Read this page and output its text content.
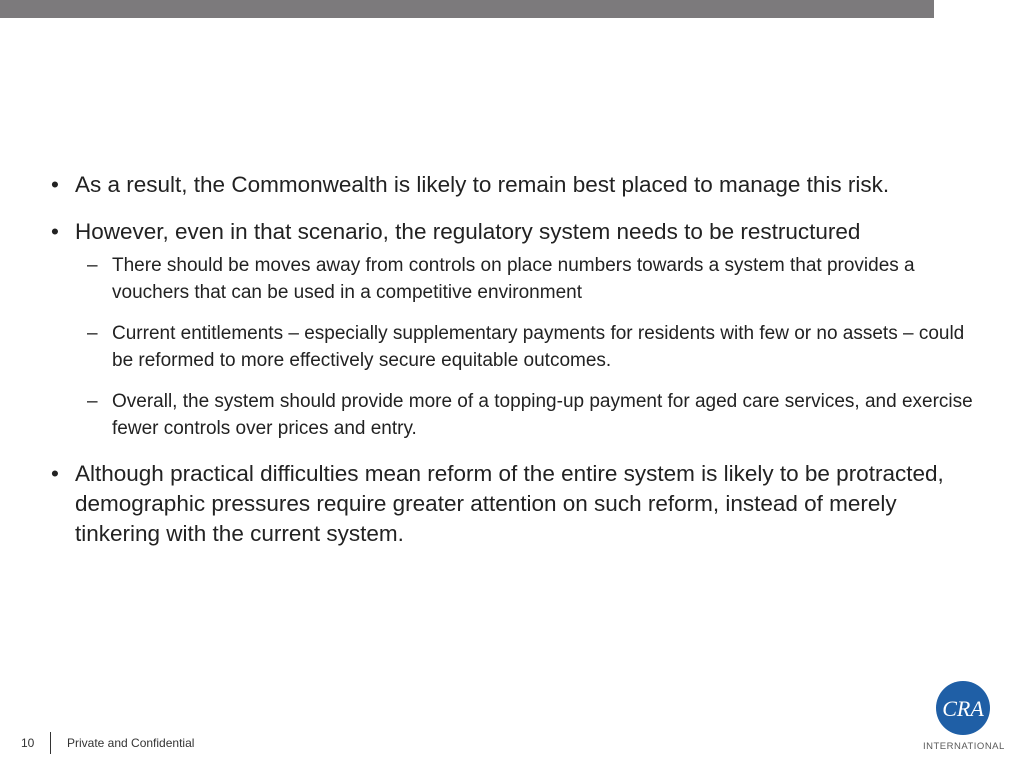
• As a result, the Commonwealth is likely to remain best placed to manage this risk.
• However, even in that scenario, the regulatory system needs to be restructured
– There should be moves away from controls on place numbers towards a system that provides a vouchers that can be used in a competitive environment
– Current entitlements – especially supplementary payments for residents with few or no assets – could be reformed to more effectively secure equitable outcomes.
– Overall, the system should provide more of a topping-up payment for aged care services, and exercise fewer controls over prices and entry.
• Although practical difficulties mean reform of the entire system is likely to be protracted, demographic pressures require greater attention on such reform, instead of merely tinkering with the current system.
10	Private and Confidential
CRA
INTERNATIONAL
